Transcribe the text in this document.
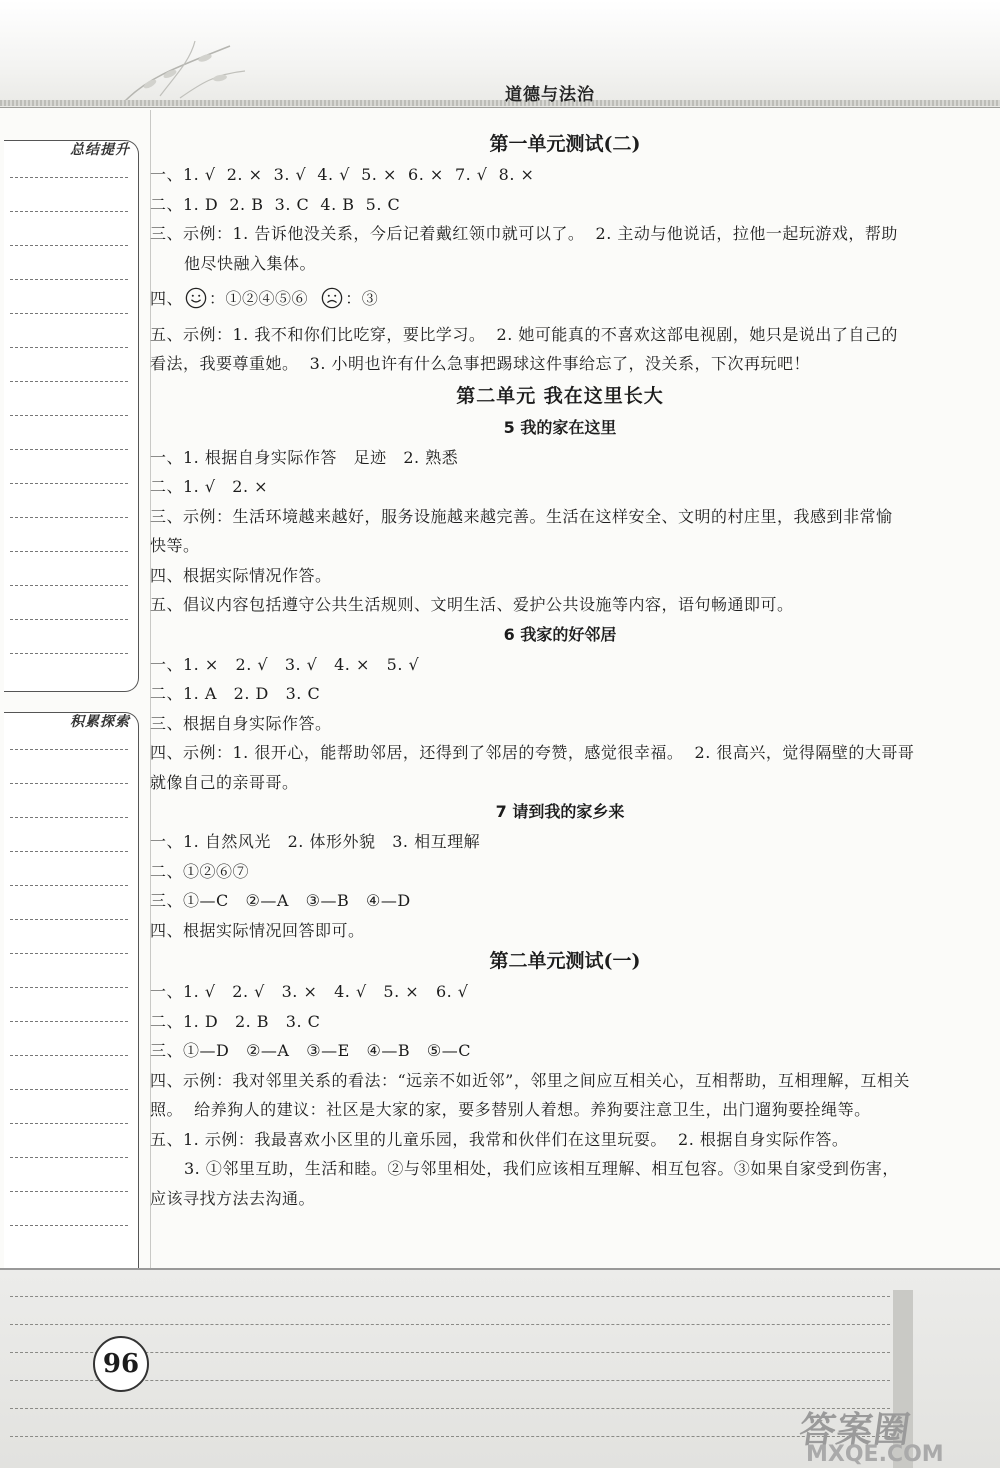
道德与法治
总结提升
积累探索
第一单元测试(二)
一、1. √  2. ×  3. √  4. √  5. ×  6. ×  7. √  8. ×
二、1. D  2. B  3. C  4. B  5. C
三、示例：1. 告诉他没关系，今后记着戴红领巾就可以了。  2. 主动与他说话，拉他一起玩游戏，帮助
他尽快融入集体。
四、 ：①②④⑤⑥ ：③
五、示例：1. 我不和你们比吃穿，要比学习。  2. 她可能真的不喜欢这部电视剧，她只是说出了自己的
看法，我要尊重她。  3. 小明也许有什么急事把踢球这件事给忘了，没关系，下次再玩吧！
第二单元 我在这里长大
5 我的家在这里
一、1. 根据自身实际作答   足迹   2. 熟悉
二、1. √   2. ×
三、示例：生活环境越来越好，服务设施越来越完善。生活在这样安全、文明的村庄里，我感到非常愉
快等。
四、根据实际情况作答。
五、倡议内容包括遵守公共生活规则、文明生活、爱护公共设施等内容，语句畅通即可。
6 我家的好邻居
一、1. ×   2. √   3. √   4. ×   5. √
二、1. A   2. D   3. C
三、根据自身实际作答。
四、示例：1. 很开心，能帮助邻居，还得到了邻居的夸赞，感觉很幸福。  2. 很高兴，觉得隔壁的大哥哥
就像自己的亲哥哥。
7 请到我的家乡来
一、1. 自然风光   2. 体形外貌   3. 相互理解
二、①②⑥⑦
三、①—C   ②—A   ③—B   ④—D
四、根据实际情况回答即可。
第二单元测试(一)
一、1. √   2. √   3. ×   4. √   5. ×   6. √
二、1. D   2. B   3. C
三、①—D   ②—A   ③—E   ④—B   ⑤—C
四、示例：我对邻里关系的看法：“远亲不如近邻”，邻里之间应互相关心，互相帮助，互相理解，互相关
照。  给养狗人的建议：社区是大家的家，要多替别人着想。养狗要注意卫生，出门遛狗要拴绳等。
五、1. 示例：我最喜欢小区里的儿童乐园，我常和伙伴们在这里玩耍。  2. 根据自身实际作答。
3. ①邻里互助，生活和睦。②与邻里相处，我们应该相互理解、相互包容。③如果自家受到伤害，
应该寻找方法去沟通。
96
答案圈
MXQE.COM
